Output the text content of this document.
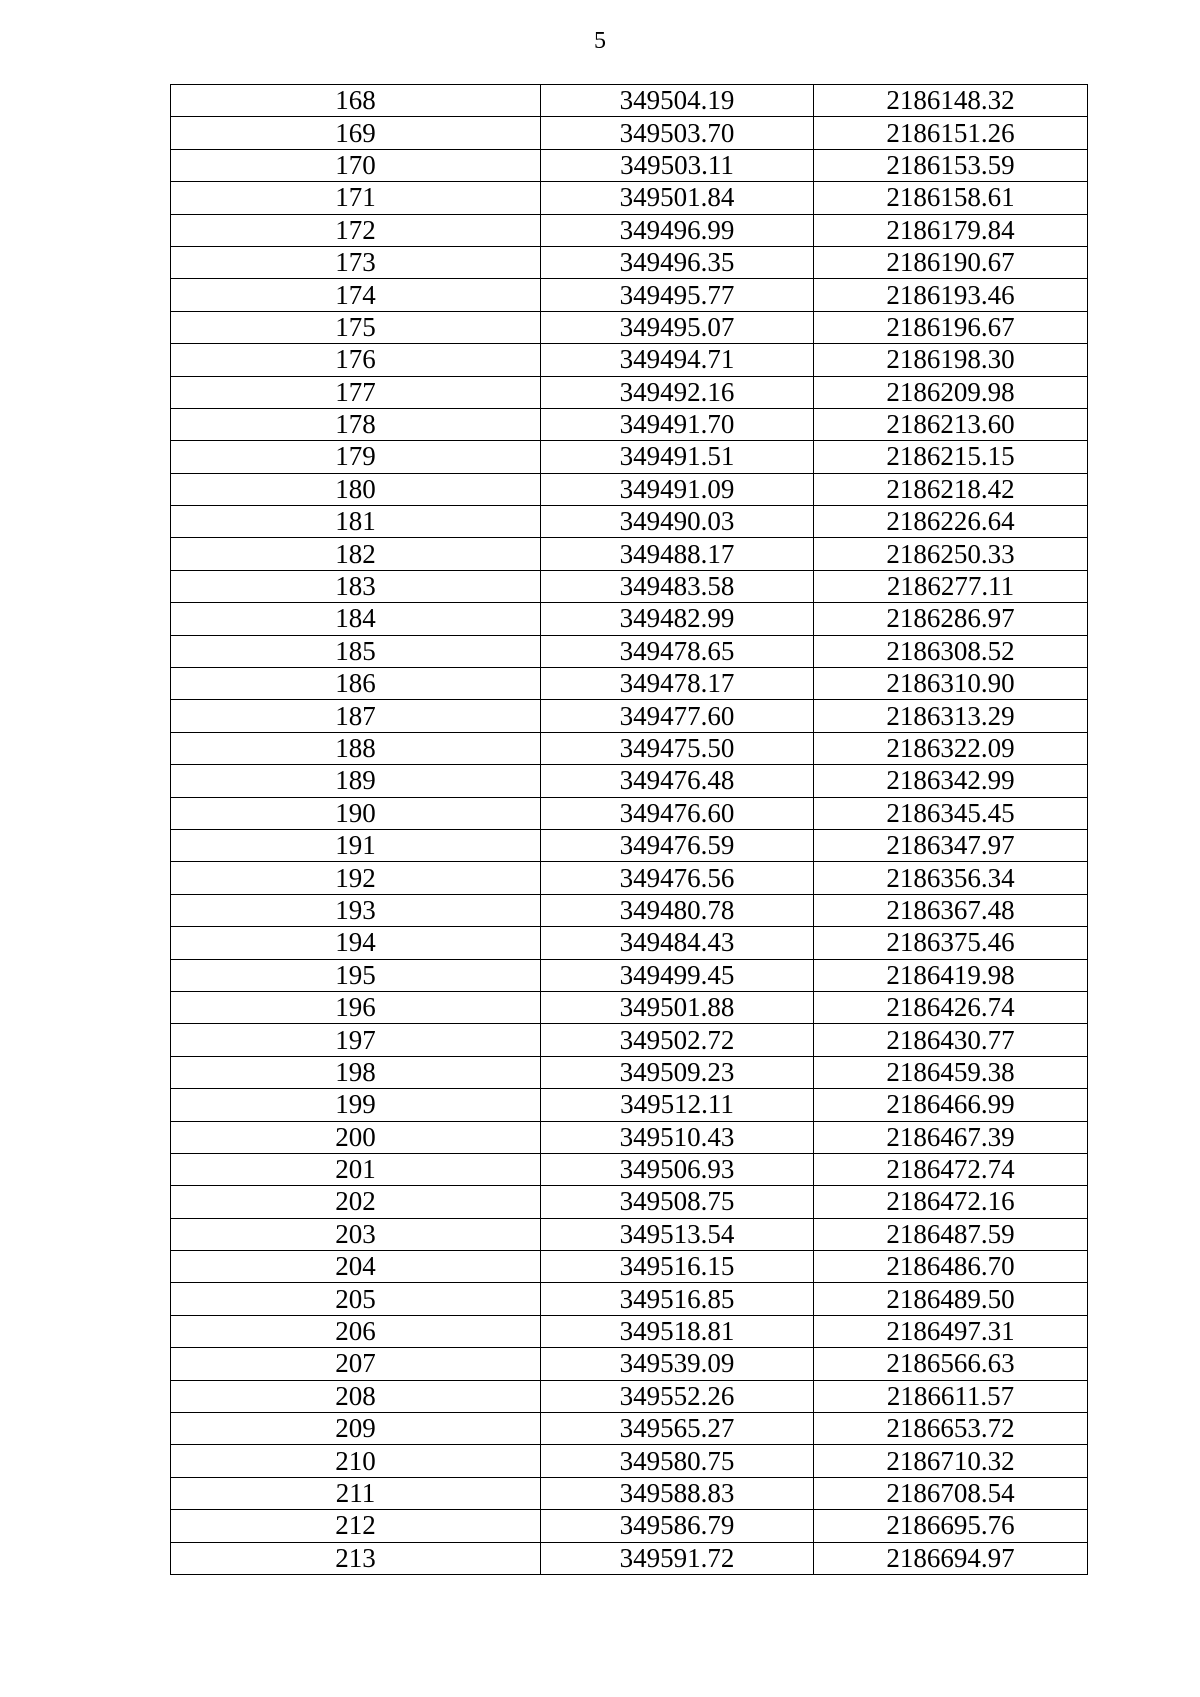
5
168	349504.19	2186148.32
169	349503.70	2186151.26
170	349503.11	2186153.59
171	349501.84	2186158.61
172	349496.99	2186179.84
173	349496.35	2186190.67
174	349495.77	2186193.46
175	349495.07	2186196.67
176	349494.71	2186198.30
177	349492.16	2186209.98
178	349491.70	2186213.60
179	349491.51	2186215.15
180	349491.09	2186218.42
181	349490.03	2186226.64
182	349488.17	2186250.33
183	349483.58	2186277.11
184	349482.99	2186286.97
185	349478.65	2186308.52
186	349478.17	2186310.90
187	349477.60	2186313.29
188	349475.50	2186322.09
189	349476.48	2186342.99
190	349476.60	2186345.45
191	349476.59	2186347.97
192	349476.56	2186356.34
193	349480.78	2186367.48
194	349484.43	2186375.46
195	349499.45	2186419.98
196	349501.88	2186426.74
197	349502.72	2186430.77
198	349509.23	2186459.38
199	349512.11	2186466.99
200	349510.43	2186467.39
201	349506.93	2186472.74
202	349508.75	2186472.16
203	349513.54	2186487.59
204	349516.15	2186486.70
205	349516.85	2186489.50
206	349518.81	2186497.31
207	349539.09	2186566.63
208	349552.26	2186611.57
209	349565.27	2186653.72
210	349580.75	2186710.32
211	349588.83	2186708.54
212	349586.79	2186695.76
213	349591.72	2186694.97
